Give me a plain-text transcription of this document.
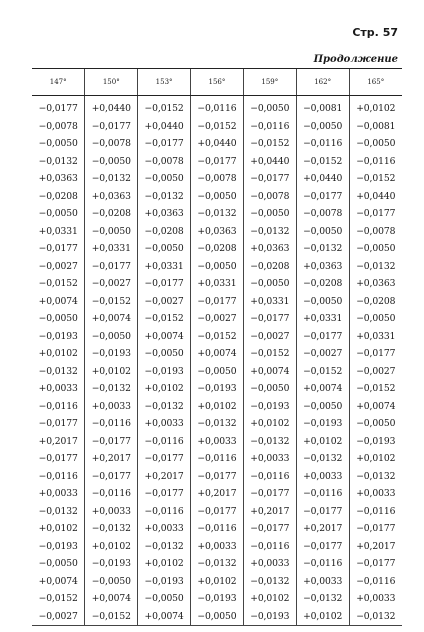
Стр. 57
Продолжение
147°	150°	153°	156°	159°	162°	165°
−0,0177	+0,0440	−0,0152	−0,0116	−0,0050	−0,0081	+0,0102
−0,0078	−0,0177	+0,0440	−0,0152	−0,0116	−0,0050	−0,0081
−0,0050	−0,0078	−0,0177	+0,0440	−0,0152	−0,0116	−0,0050
−0,0132	−0,0050	−0,0078	−0,0177	+0,0440	−0,0152	−0,0116
+0,0363	−0,0132	−0,0050	−0,0078	−0,0177	+0,0440	−0,0152
−0,0208	+0,0363	−0,0132	−0,0050	−0,0078	−0,0177	+0,0440
−0,0050	−0,0208	+0,0363	−0,0132	−0,0050	−0,0078	−0,0177
+0,0331	−0,0050	−0,0208	+0,0363	−0,0132	−0,0050	−0,0078
−0,0177	+0,0331	−0,0050	−0,0208	+0,0363	−0,0132	−0,0050
−0,0027	−0,0177	+0,0331	−0,0050	−0,0208	+0,0363	−0,0132
−0,0152	−0,0027	−0,0177	+0,0331	−0,0050	−0,0208	+0,0363
+0,0074	−0,0152	−0,0027	−0,0177	+0,0331	−0,0050	−0,0208
−0,0050	+0,0074	−0,0152	−0,0027	−0,0177	+0,0331	−0,0050
−0,0193	−0,0050	+0,0074	−0,0152	−0,0027	−0,0177	+0,0331
+0,0102	−0,0193	−0,0050	+0,0074	−0,0152	−0,0027	−0,0177
−0,0132	+0,0102	−0,0193	−0,0050	+0,0074	−0,0152	−0,0027
+0,0033	−0,0132	+0,0102	−0,0193	−0,0050	+0,0074	−0,0152
−0,0116	+0,0033	−0,0132	+0,0102	−0,0193	−0,0050	+0,0074
−0,0177	−0,0116	+0,0033	−0,0132	+0,0102	−0,0193	−0,0050
+0,2017	−0,0177	−0,0116	+0,0033	−0,0132	+0,0102	−0,0193
−0,0177	+0,2017	−0,0177	−0,0116	+0,0033	−0,0132	+0,0102
−0,0116	−0,0177	+0,2017	−0,0177	−0,0116	+0,0033	−0,0132
+0,0033	−0,0116	−0,0177	+0,2017	−0,0177	−0,0116	+0,0033
−0,0132	+0,0033	−0,0116	−0,0177	+0,2017	−0,0177	−0,0116
+0,0102	−0,0132	+0,0033	−0,0116	−0,0177	+0,2017	−0,0177
−0,0193	+0,0102	−0,0132	+0,0033	−0,0116	−0,0177	+0,2017
−0,0050	−0,0193	+0,0102	−0,0132	+0,0033	−0,0116	−0,0177
+0,0074	−0,0050	−0,0193	+0,0102	−0,0132	+0,0033	−0,0116
−0,0152	+0,0074	−0,0050	−0,0193	+0,0102	−0,0132	+0,0033
−0,0027	−0,0152	+0,0074	−0,0050	−0,0193	+0,0102	−0,0132
